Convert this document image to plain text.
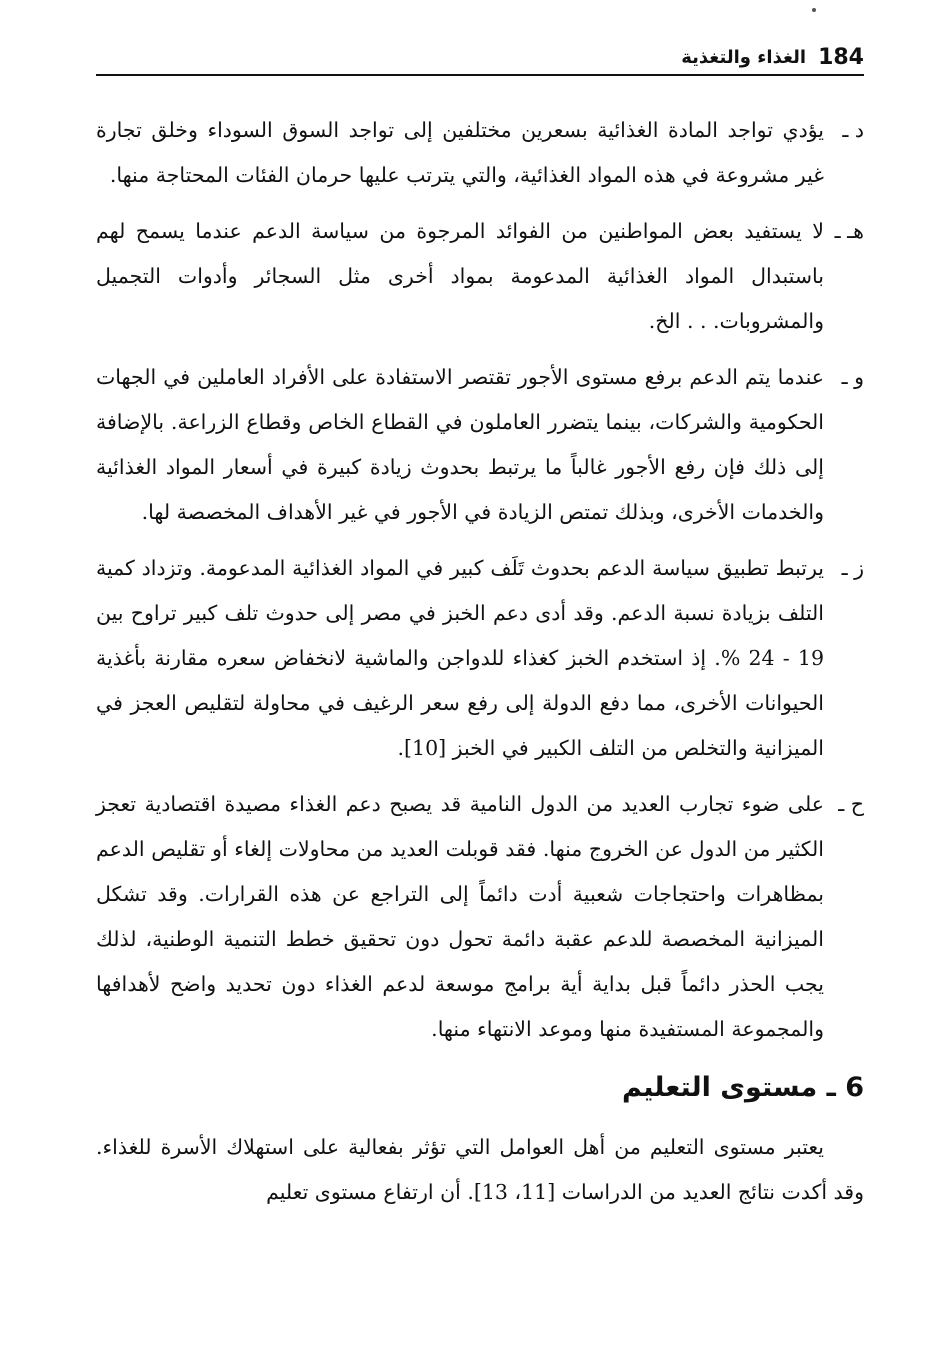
184
الغذاء والتغذية
د ـ
يؤدي تواجد المادة الغذائية بسعرين مختلفين إلى تواجد السوق السوداء وخلق تجارة غير مشروعة في هذه المواد الغذائية، والتي يترتب عليها حرمان الفئات المحتاجة منها.
هـ ـ
لا يستفيد بعض المواطنين من الفوائد المرجوة من سياسة الدعم عندما يسمح لهم باستبدال المواد الغذائية المدعومة بمواد أخرى مثل السجائر وأدوات التجميل والمشروبات. . . الخ.
و ـ
عندما يتم الدعم برفع مستوى الأجور تقتصر الاستفادة على الأفراد العاملين في الجهات الحكومية والشركات، بينما يتضرر العاملون في القطاع الخاص وقطاع الزراعة. بالإضافة إلى ذلك فإن رفع الأجور غالباً ما يرتبط بحدوث زيادة كبيرة في أسعار المواد الغذائية والخدمات الأخرى، وبذلك تمتص الزيادة في الأجور في غير الأهداف المخصصة لها.
ز ـ
يرتبط تطبيق سياسة الدعم بحدوث تَلَف كبير في المواد الغذائية المدعومة. وتزداد كمية التلف بزيادة نسبة الدعم. وقد أدى دعم الخبز في مصر إلى حدوث تلف كبير تراوح بين 19 - 24 %. إذ استخدم الخبز كغذاء للدواجن والماشية لانخفاض سعره مقارنة بأغذية الحيوانات الأخرى، مما دفع الدولة إلى رفع سعر الرغيف في محاولة لتقليص العجز في الميزانية والتخلص من التلف الكبير في الخبز [10].
ح ـ
على ضوء تجارب العديد من الدول النامية قد يصبح دعم الغذاء مصيدة اقتصادية تعجز الكثير من الدول عن الخروج منها. فقد قوبلت العديد من محاولات إلغاء أو تقليص الدعم بمظاهرات واحتجاجات شعبية أدت دائماً إلى التراجع عن هذه القرارات. وقد تشكل الميزانية المخصصة للدعم عقبة دائمة تحول دون تحقيق خطط التنمية الوطنية، لذلك يجب الحذر دائماً قبل بداية أية برامج موسعة لدعم الغذاء دون تحديد واضح لأهدافها والمجموعة المستفيدة منها وموعد الانتهاء منها.
6 ـ مستوى التعليم
يعتبر مستوى التعليم من أهل العوامل التي تؤثر بفعالية على استهلاك الأسرة للغذاء. وقد أكدت نتائج العديد من الدراسات [11، 13]. أن ارتفاع مستوى تعليم
